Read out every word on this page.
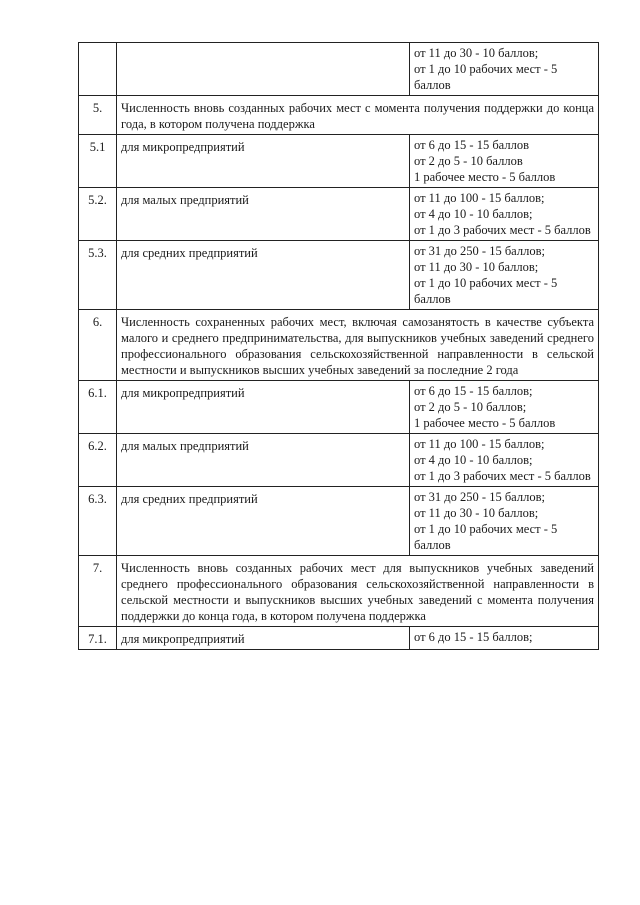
		от 11 до 30 - 10 баллов;
от 1 до 10 рабочих мест - 5 баллов

5.	Численность вновь созданных рабочих мест с момента получения поддержки до конца года, в котором получена поддержка	
5.1	для микропредприятий	от 6 до 15 - 15 баллов
от 2 до 5 - 10 баллов
1 рабочее место - 5 баллов

5.2.	для малых предприятий	от 11 до 100 - 15 баллов;
от 4 до 10 - 10 баллов;
от 1 до 3 рабочих мест - 5 баллов

5.3.	для средних предприятий	от 31 до 250 - 15 баллов;
от 11 до 30 - 10 баллов;
от 1 до 10 рабочих мест - 5 баллов

6.	Численность сохраненных рабочих мест, включая самозанятость в качестве субъекта малого и среднего предпринимательства, для выпускников учебных заведений среднего профессионального образования сельскохозяйственной направленности в сельской местности и выпускников высших учебных заведений за последние 2 года	
6.1.	для микропредприятий	от 6 до 15 - 15 баллов;
от 2 до 5 - 10 баллов;
1 рабочее место - 5 баллов

6.2.	для малых предприятий	от 11 до 100 - 15 баллов;
от 4 до 10 - 10 баллов;
от 1 до 3 рабочих мест - 5 баллов

6.3.	для средних предприятий	от 31 до 250 - 15 баллов;
от 11 до 30 - 10 баллов;
от 1 до 10 рабочих мест - 5 баллов

7.	Численность вновь созданных рабочих мест для выпускников учебных заведений среднего профессионального образования сельскохозяйственной направленности в сельской местности и выпускников высших учебных заведений с момента получения поддержки до конца года, в котором получена поддержка	
7.1.	для микропредприятий	от 6 до 15 - 15 баллов;
